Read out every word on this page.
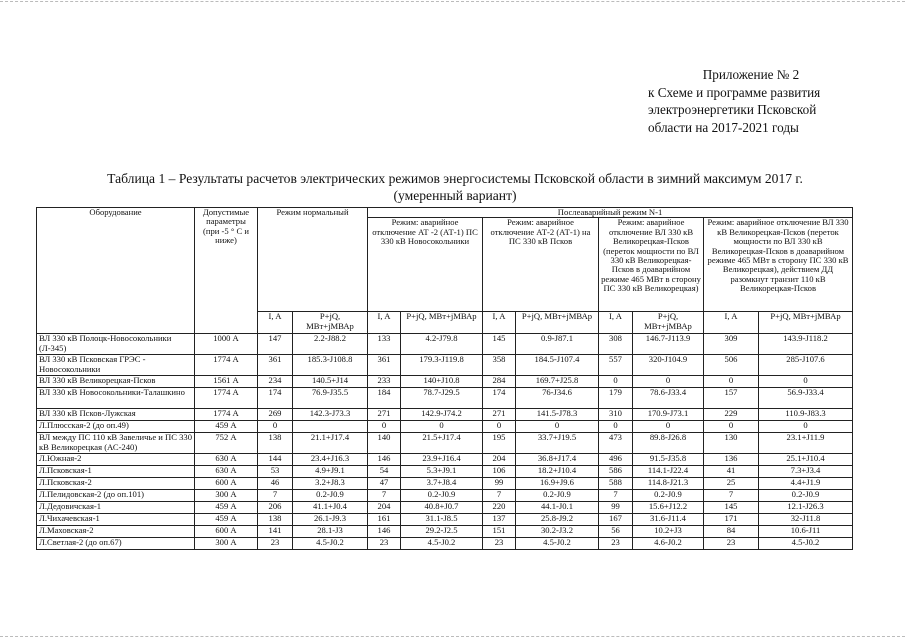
Приложение № 2
к Схеме и программе развития
электроэнергетики Псковской
области на 2017-2021 годы
Таблица 1 – Результаты расчетов электрических режимов энергосистемы Псковской области в зимний максимум 2017 г.
(умеренный вариант)
Оборудование	Допустимые параметры (при -5 ° С и ниже)	Режим нормальный		Послеаварийный режим N-1							
				Режим: аварийное отключение АТ -2 (АТ-1) ПС 330 кВ Новосокольники		Режим: аварийное отключение АТ-2 (АТ-1) на ПС 330 кВ Псков		Режим: аварийное отключение ВЛ 330 кВ Великорецкая-Псков (переток мощности по ВЛ 330 кВ Великорецкая-Псков в доаварийном режиме 465 МВт в сторону ПС 330 кВ Великорецкая)		Режим: аварийное отключение ВЛ 330 кВ Великорецкая-Псков (переток мощности по ВЛ 330 кВ Великорецкая-Псков в доаварийном режиме 465 МВт в сторону ПС 330 кВ Великорецкая), действием ДД разомкнут транзит 110 кВ Великорецкая-Псков	
		I, A	P+jQ, МВт+jМВАр	I, A	P+jQ, МВт+jМВАр	I, A	P+jQ, МВт+jМВАр	I, A	P+jQ, МВт+jМВАр	I, A	P+jQ, МВт+jМВАр
ВЛ 330 кВ Полоцк-Новосокольники (Л-345)	1000 А	147	2.2-J88.2	133	4.2-J79.8	145	0.9-J87.1	308	146.7-J113.9	309	143.9-J118.2
ВЛ 330 кВ Псковская ГРЭС - Новосокольники	1774 А	361	185.3-J108.8	361	179.3-J119.8	358	184.5-J107.4	557	320-J104.9	506	285-J107.6
ВЛ 330 кВ Великорецкая-Псков	1561 А	234	140.5+J14	233	140+J10.8	284	169.7+J25.8	0	0	0	0
ВЛ 330 кВ Новосокольники-Талашкино	1774 А	174	76.9-J35.5	184	78.7-J29.5	174	76-J34.6	179	78.6-J33.4	157	56.9-J33.4
ВЛ 330 кВ Псков-Лужская	1774 А	269	142.3-J73.3	271	142.9-J74.2	271	141.5-J78.3	310	170.9-J73.1	229	110.9-J83.3
Л.Плюсская-2 (до оп.49)	459 А	0		0	0	0	0	0	0	0	0
ВЛ между ПС 110 кВ Завеличье и ПС 330 кВ Великорецкая (АС-240)	752 А	138	21.1+J17.4	140	21.5+J17.4	195	33.7+J19.5	473	89.8-J26.8	130	23.1+J11.9
Л.Южная-2	630 А	144	23.4+J16.3	146	23.9+J16.4	204	36.8+J17.4	496	91.5-J35.8	136	25.1+J10.4
Л.Псковская-1	630 А	53	4.9+J9.1	54	5.3+J9.1	106	18.2+J10.4	586	114.1-J22.4	41	7.3+J3.4
Л.Псковская-2	600 А	46	3.2+J8.3	47	3.7+J8.4	99	16.9+J9.6	588	114.8-J21.3	25	4.4+J1.9
Л.Пелидовская-2 (до оп.101)	300 А	7	0.2-J0.9	7	0.2-J0.9	7	0.2-J0.9	7	0.2-J0.9	7	0.2-J0.9
Л.Дедовичская-1	459 А	206	41.1+J0.4	204	40.8+J0.7	220	44.1-J0.1	99	15.6+J12.2	145	12.1-J26.3
Л.Чихачевская-1	459 А	138	26.1-J9.3	161	31.1-J8.5	137	25.8-J9.2	167	31.6-J11.4	171	32-J11.8
Л.Маховская-2	600 А	141	28.1-J3	146	29.2-J2.5	151	30.2-J3.2	56	10.2+J3	84	10.6-J11
Л.Светлая-2 (до оп.67)	300 А	23	4.5-J0.2	23	4.5-J0.2	23	4.5-J0.2	23	4.6-J0.2	23	4.5-J0.2
